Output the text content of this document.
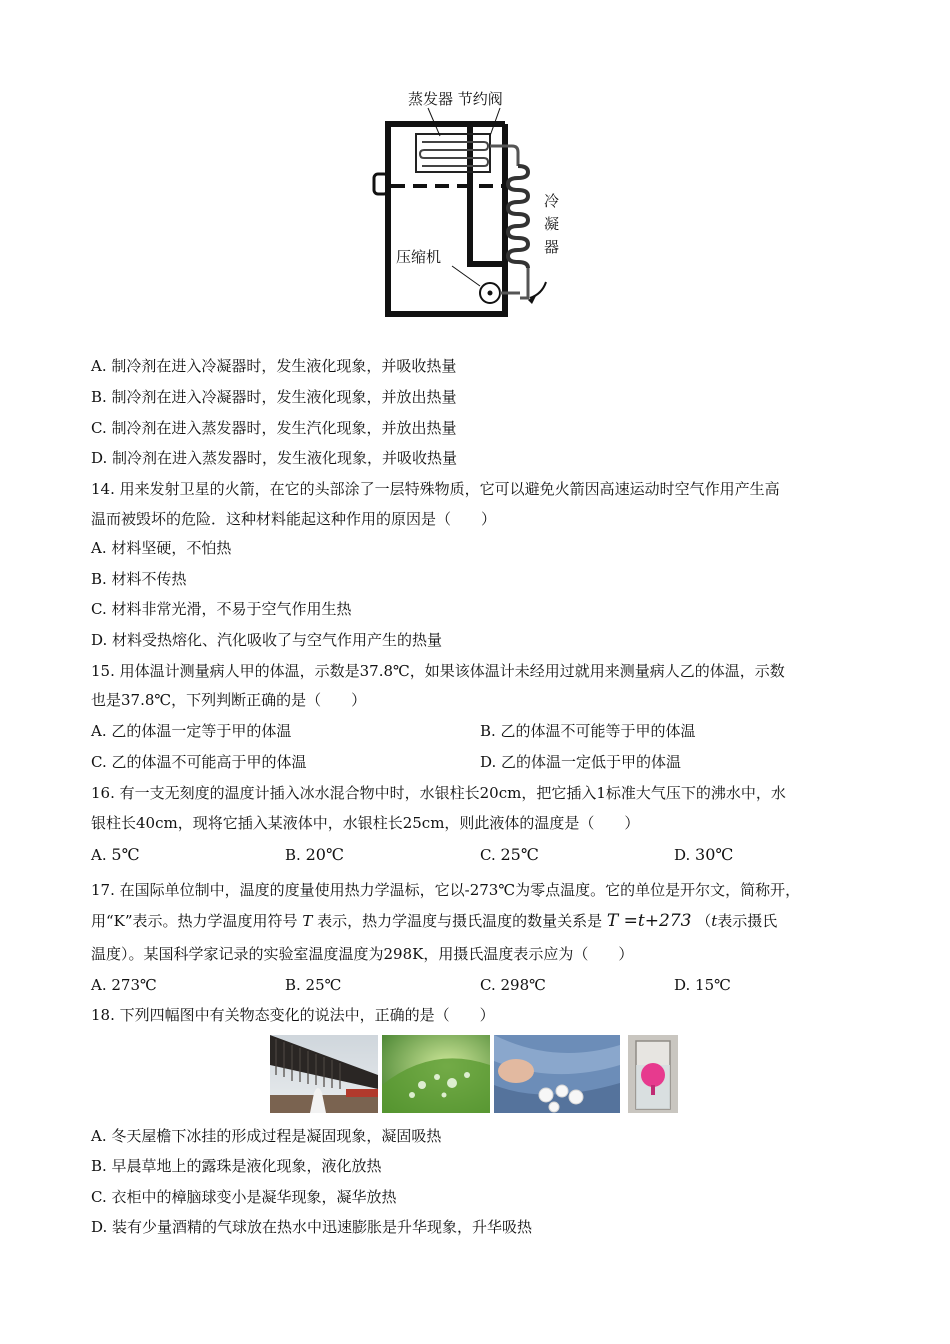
蒸发器 节约阀
冷
凝
器
压缩机
A. 制冷剂在进入冷凝器时，发生液化现象，并吸收热量
B. 制冷剂在进入冷凝器时，发生液化现象，并放出热量
C. 制冷剂在进入蒸发器时，发生汽化现象，并放出热量
D. 制冷剂在进入蒸发器时，发生液化现象，并吸收热量
14. 用来发射卫星的火箭，在它的头部涂了一层特殊物质，它可以避免火箭因高速运动时空气作用产生高
温而被毁坏的危险．这种材料能起这种作用的原因是（　　）
A. 材料坚硬，不怕热
B. 材料不传热
C. 材料非常光滑，不易于空气作用生热
D. 材料受热熔化、汽化吸收了与空气作用产生的热量
15. 用体温计测量病人甲的体温，示数是37.8℃，如果该体温计未经用过就用来测量病人乙的体温，示数
也是37.8℃，下列判断正确的是（　　）
A. 乙的体温一定等于甲的体温	B. 乙的体温不可能等于甲的体温
C. 乙的体温不可能高于甲的体温	D. 乙的体温一定低于甲的体温
16. 有一支无刻度的温度计插入冰水混合物中时，水银柱长20cm，把它插入1标准大气压下的沸水中，水
银柱长40cm，现将它插入某液体中，水银柱长25cm，则此液体的温度是（　　）
A. 5℃	B. 20℃	C. 25℃	D. 30℃
17. 在国际单位制中，温度的度量使用热力学温标，它以-273℃为零点温度。它的单位是开尔文，简称开，
用“K”表示。热力学温度用符号 T 表示，热力学温度与摄氏温度的数量关系是 T =t+273 （t表示摄氏
温度）。某国科学家记录的实验室温度温度为298K，用摄氏温度表示应为（　　）
A. 273℃	B. 25℃	C. 298℃	D. 15℃
18. 下列四幅图中有关物态变化的说法中，正确的是（　　）
A. 冬天屋檐下冰挂的形成过程是凝固现象，凝固吸热
B. 早晨草地上的露珠是液化现象，液化放热
C. 衣柜中的樟脑球变小是凝华现象，凝华放热
D. 装有少量酒精的气球放在热水中迅速膨胀是升华现象，升华吸热
